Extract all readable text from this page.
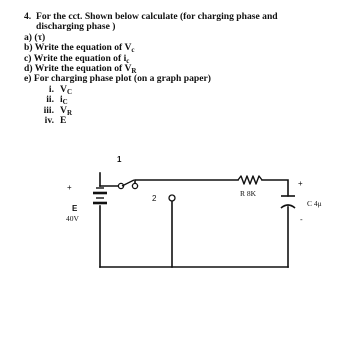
4. For the cct. Shown below calculate (for charging phase and
discharging phase )
a) (τ)
b) Write the equation of $V_c$
c) Write the equation of $i_c$
d) Write the equation of $V_R$
e) For charging phase plot (on a graph paper)
i. $V_C$
ii. $i_C$
iii. $V_R$
iv. E
1
2
+
E
40V
R 8K
+
-
C 4μ
